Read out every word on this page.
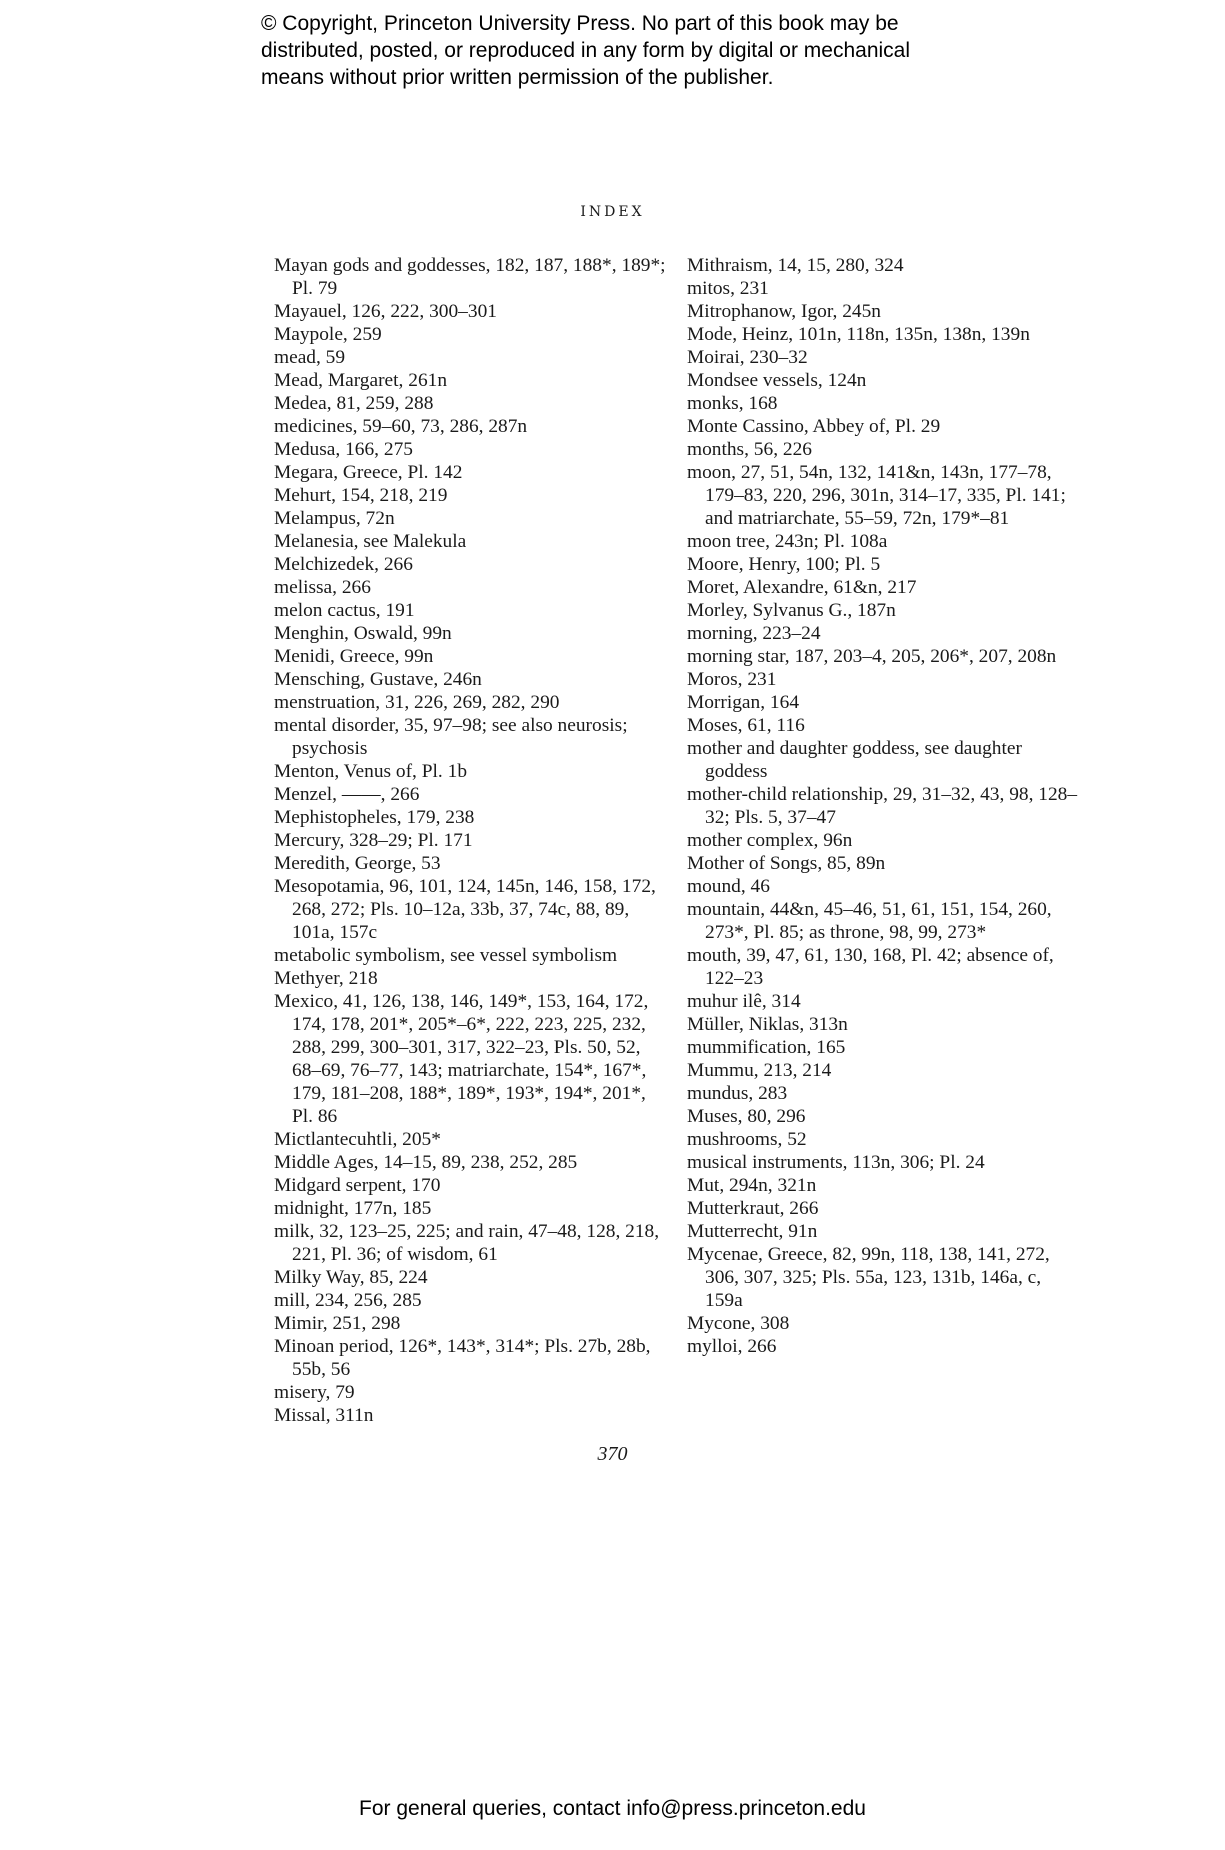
© Copyright, Princeton University Press. No part of this book may be
distributed, posted, or reproduced in any form by digital or mechanical
means without prior written permission of the publisher.
INDEX
Mayan gods and goddesses, 182, 187, 188*, 189*; Pl. 79
Mayauel, 126, 222, 300–301
Maypole, 259
mead, 59
Mead, Margaret, 261n
Medea, 81, 259, 288
medicines, 59–60, 73, 286, 287n
Medusa, 166, 275
Megara, Greece, Pl. 142
Mehurt, 154, 218, 219
Melampus, 72n
Melanesia, see Malekula
Melchizedek, 266
melissa, 266
melon cactus, 191
Menghin, Oswald, 99n
Menidi, Greece, 99n
Mensching, Gustave, 246n
menstruation, 31, 226, 269, 282, 290
mental disorder, 35, 97–98; see also neurosis; psychosis
Menton, Venus of, Pl. 1b
Menzel, ——, 266
Mephistopheles, 179, 238
Mercury, 328–29; Pl. 171
Meredith, George, 53
Mesopotamia, 96, 101, 124, 145n, 146, 158, 172, 268, 272; Pls. 10–12a, 33b, 37, 74c, 88, 89, 101a, 157c
metabolic symbolism, see vessel symbolism
Methyer, 218
Mexico, 41, 126, 138, 146, 149*, 153, 164, 172, 174, 178, 201*, 205*–6*, 222, 223, 225, 232, 288, 299, 300–301, 317, 322–23, Pls. 50, 52, 68–69, 76–77, 143; matriarchate, 154*, 167*, 179, 181–208, 188*, 189*, 193*, 194*, 201*, Pl. 86
Mictlantecuhtli, 205*
Middle Ages, 14–15, 89, 238, 252, 285
Midgard serpent, 170
midnight, 177n, 185
milk, 32, 123–25, 225; and rain, 47–48, 128, 218, 221, Pl. 36; of wisdom, 61
Milky Way, 85, 224
mill, 234, 256, 285
Mimir, 251, 298
Minoan period, 126*, 143*, 314*; Pls. 27b, 28b, 55b, 56
misery, 79
Missal, 311n
Mithraism, 14, 15, 280, 324
mitos, 231
Mitrophanow, Igor, 245n
Mode, Heinz, 101n, 118n, 135n, 138n, 139n
Moirai, 230–32
Mondsee vessels, 124n
monks, 168
Monte Cassino, Abbey of, Pl. 29
months, 56, 226
moon, 27, 51, 54n, 132, 141&n, 143n, 177–78, 179–83, 220, 296, 301n, 314–17, 335, Pl. 141; and matriarchate, 55–59, 72n, 179*–81
moon tree, 243n; Pl. 108a
Moore, Henry, 100; Pl. 5
Moret, Alexandre, 61&n, 217
Morley, Sylvanus G., 187n
morning, 223–24
morning star, 187, 203–4, 205, 206*, 207, 208n
Moros, 231
Morrigan, 164
Moses, 61, 116
mother and daughter goddess, see daughter goddess
mother-child relationship, 29, 31–32, 43, 98, 128–32; Pls. 5, 37–47
mother complex, 96n
Mother of Songs, 85, 89n
mound, 46
mountain, 44&n, 45–46, 51, 61, 151, 154, 260, 273*, Pl. 85; as throne, 98, 99, 273*
mouth, 39, 47, 61, 130, 168, Pl. 42; absence of, 122–23
muhur ilê, 314
Müller, Niklas, 313n
mummification, 165
Mummu, 213, 214
mundus, 283
Muses, 80, 296
mushrooms, 52
musical instruments, 113n, 306; Pl. 24
Mut, 294n, 321n
Mutterkraut, 266
Mutterrecht, 91n
Mycenae, Greece, 82, 99n, 118, 138, 141, 272, 306, 307, 325; Pls. 55a, 123, 131b, 146a, c, 159a
Mycone, 308
mylloi, 266
370
For general queries, contact info@press.princeton.edu
